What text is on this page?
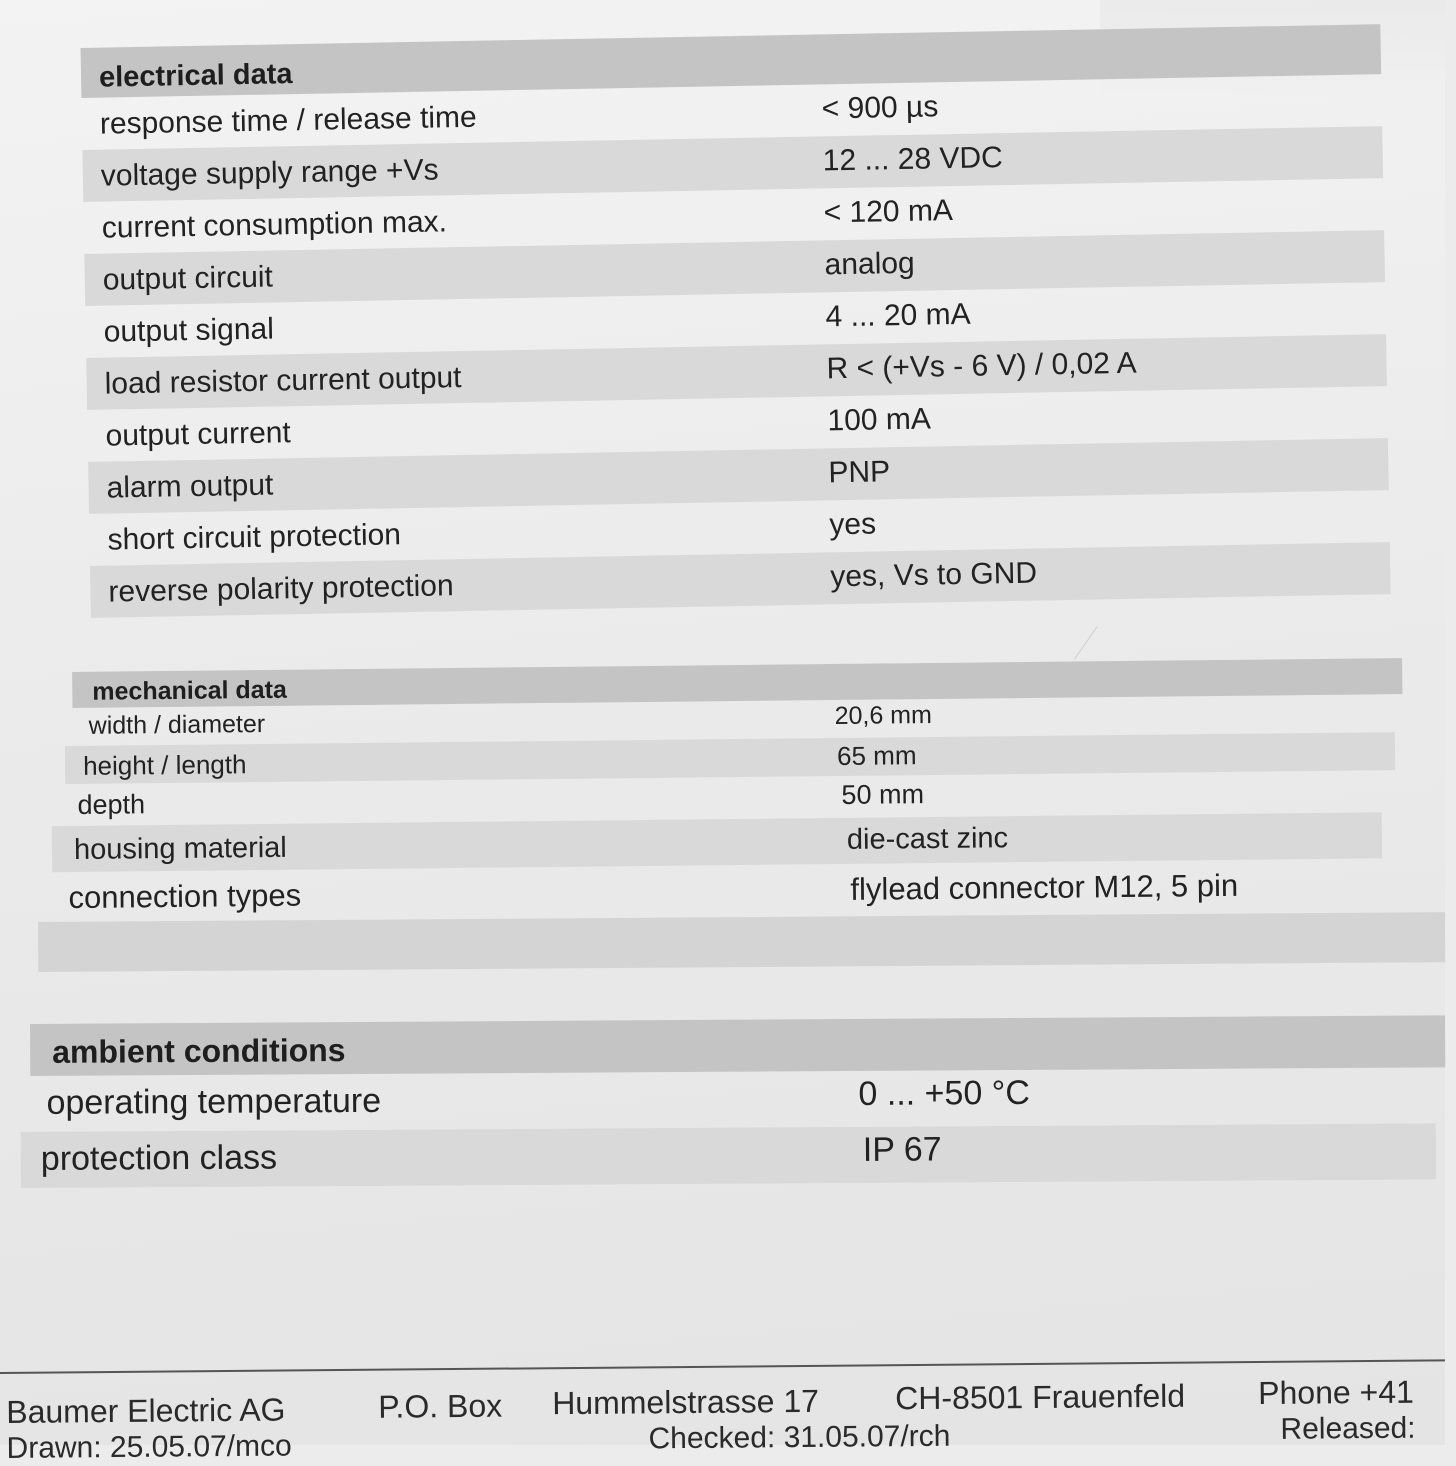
electrical data
response time / release time	< 900 µs
voltage supply range +Vs	12 ... 28 VDC
current consumption max.	< 120 mA
output circuit	analog
output signal	4 ... 20 mA
load resistor current output	R < (+Vs - 6 V) / 0,02 A
output current	100 mA
alarm output	PNP
short circuit protection	yes
reverse polarity protection	yes, Vs to GND
mechanical data
width / diameter	20,6 mm
height / length	65 mm
depth	50 mm
housing material	die-cast zinc
connection types	flylead connector M12, 5 pin
ambient conditions
operating temperature	0 ... +50 °C
protection class	IP 67
Baumer Electric AG	P.O. Box Hummelstrasse 17 CH-8501 Frauenfeld Phone +41
Drawn: 25.05.07/mco	Checked: 31.05.07/rch	Released:
